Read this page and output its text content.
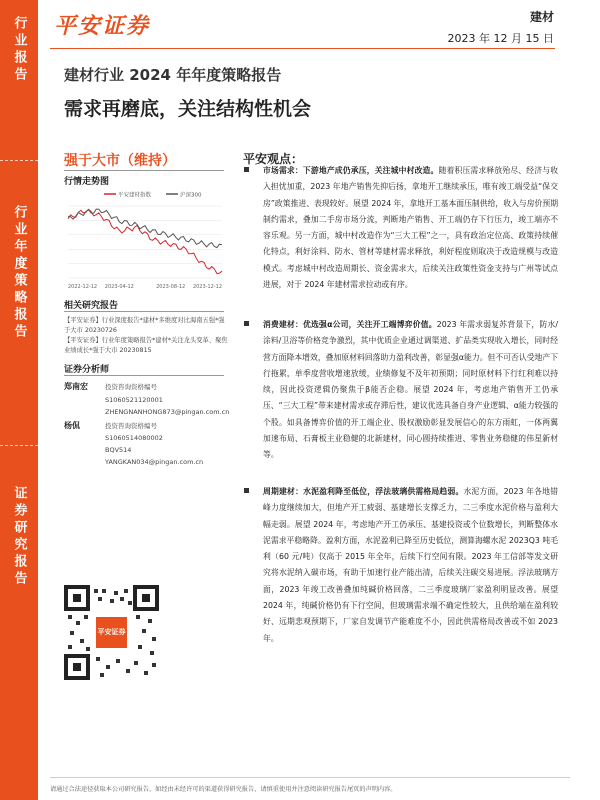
行业报告
行业年度策略报告
证券研究报告
平安证券	建材
2023 年 12 月 15 日
建材行业 2024 年年度策略报告
需求再磨底，关注结构性机会
强于大市（维持）
行情走势图
平安建材指数	沪深300
2022-12-12 2023-04-12	2023-08-12 2023-12-12
相关研究报告
【平安证券】行业深度报告*建材*多维度对比海南五强*强于大市 20230726
【平安证券】行业年度策略报告*建材*关注龙头变革、聚焦业绩成长*强于大市 20230815
证券分析师
郑南宏	投资咨询资格编号
S1060521120001
ZHENGNANHONG873@pingan.com.cn
杨侃	投资咨询资格编号
S1060514080002
BQV514
YANGKAN034@pingan.com.cn
平安证券
平安观点：

市场需求：下游地产成仍承压，关注城中村改造。随着积压需求释放殆尽、经济与收入担忧加重，2023 年地产销售先抑后扬，拿地开工继续承压，唯有竣工端受益“保交房”政策推进、表现较好。展望 2024 年，拿地开工基本面压制供给，收入与房价预期制约需求，叠加二手房市场分流，判断地产销售、开工端仍存下行压力，竣工端亦不容乐观。另一方面，城中村改造作为“三大工程”之一，具有政治定位高、政策持续催化特点，利好涂料、防水、管材等建材需求释放，利好程度则取决于改造规模与改造模式。考虑城中村改造周期长、资金需求大，后续关注政策性资金支持与广州等试点进展，对于 2024 年建材需求拉动或有序。

消费建材：优选强α公司，关注开工端博弈价值。2023 年需求弱复苏背景下，防水/涂料/卫浴等价格竞争激烈，其中优质企业通过调渠道、扩品类实现收入增长，同时经营方面降本增效，叠加原材料回落助力盈利改善，彰显强α能力。但不可否认受地产下行拖累，单季度营收增速放缓，业绩修复不及年初预期；同时原材料下行红利难以持续，因此投资逻辑仍聚焦于β能否企稳。展望 2024 年，考虑地产销售开工仍承压、“三大工程”带来建材需求或存滞后性，建议优选具备自身产业逻辑、α能力较强的个股。如具备博弈价值的开工端企业、股权激励彰显发展信心的东方雨虹，一体两翼加速布局、石膏板主业稳健的北新建材，同心圆持续推进、零售业务稳健的伟星新材等。

周期建材：水泥盈利降至低位，浮法玻璃供需格局趋弱。水泥方面，2023 年各地错峰力度继续加大，但地产开工疲弱、基建增长支撑乏力，二三季度水泥价格与盈利大幅走弱。展望 2024 年，考虑地产开工仍承压、基建投资或个位数增长，判断整体水泥需求平稳略降。盈利方面，水泥盈利已降至历史低位，测算海螺水泥 2023Q3 吨毛利（60 元/吨）仅高于 2015 年全年，后续下行空间有限。2023 年工信部等发文研究将水泥纳入碳市场，有助于加速行业产能出清，后续关注碳交易进展。浮法玻璃方面，2023 年竣工改善叠加纯碱价格回落，二三季度玻璃厂家盈利明显改善。展望 2024 年，纯碱价格仍有下行空间，但玻璃需求端不确定性较大，且供给端在盈利较好、远期悲观预期下，厂家自发调节产能难度不小，因此供需格局改善或不如 2023 年。

请通过合法途径获取本公司研究报告，如经由未经许可的渠道获得研究报告，请慎重使用并注意阅读研究报告尾页的声明内容。
